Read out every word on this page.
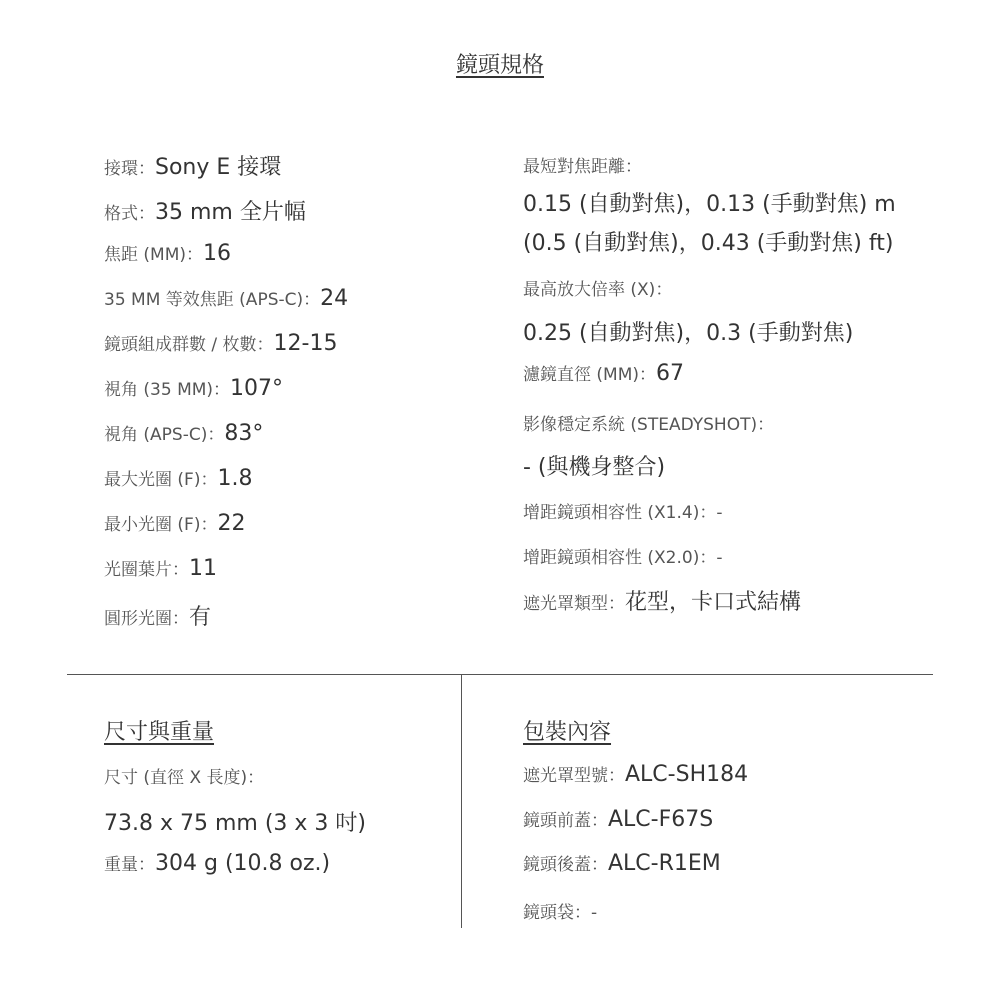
鏡頭規格
接環：Sony E 接環
格式：35 mm 全片幅
焦距 (MM)：16
35 MM 等效焦距 (APS-C)：24
鏡頭組成群數 / 枚數：12-15
視角 (35 MM)：107°
視角 (APS-C)：83°
最大光圈 (F)：1.8
最小光圈 (F)：22
光圈葉片：11
圓形光圈：有
最短對焦距離：
0.15 (自動對焦)，0.13 (手動對焦) m
(0.5 (自動對焦)，0.43 (手動對焦) ft)
最高放大倍率 (X)：
0.25 (自動對焦)，0.3 (手動對焦)
濾鏡直徑 (MM)：67
影像穩定系統 (STEADYSHOT)：
- (與機身整合)
增距鏡頭相容性 (X1.4)：-
增距鏡頭相容性 (X2.0)：-
遮光罩類型：花型，卡口式結構
尺寸與重量
尺寸 (直徑 X 長度)：
73.8 x 75 mm (3 x 3 吋)
重量：304 g (10.8 oz.)
包裝內容
遮光罩型號：ALC-SH184
鏡頭前蓋：ALC-F67S
鏡頭後蓋：ALC-R1EM
鏡頭袋：-
